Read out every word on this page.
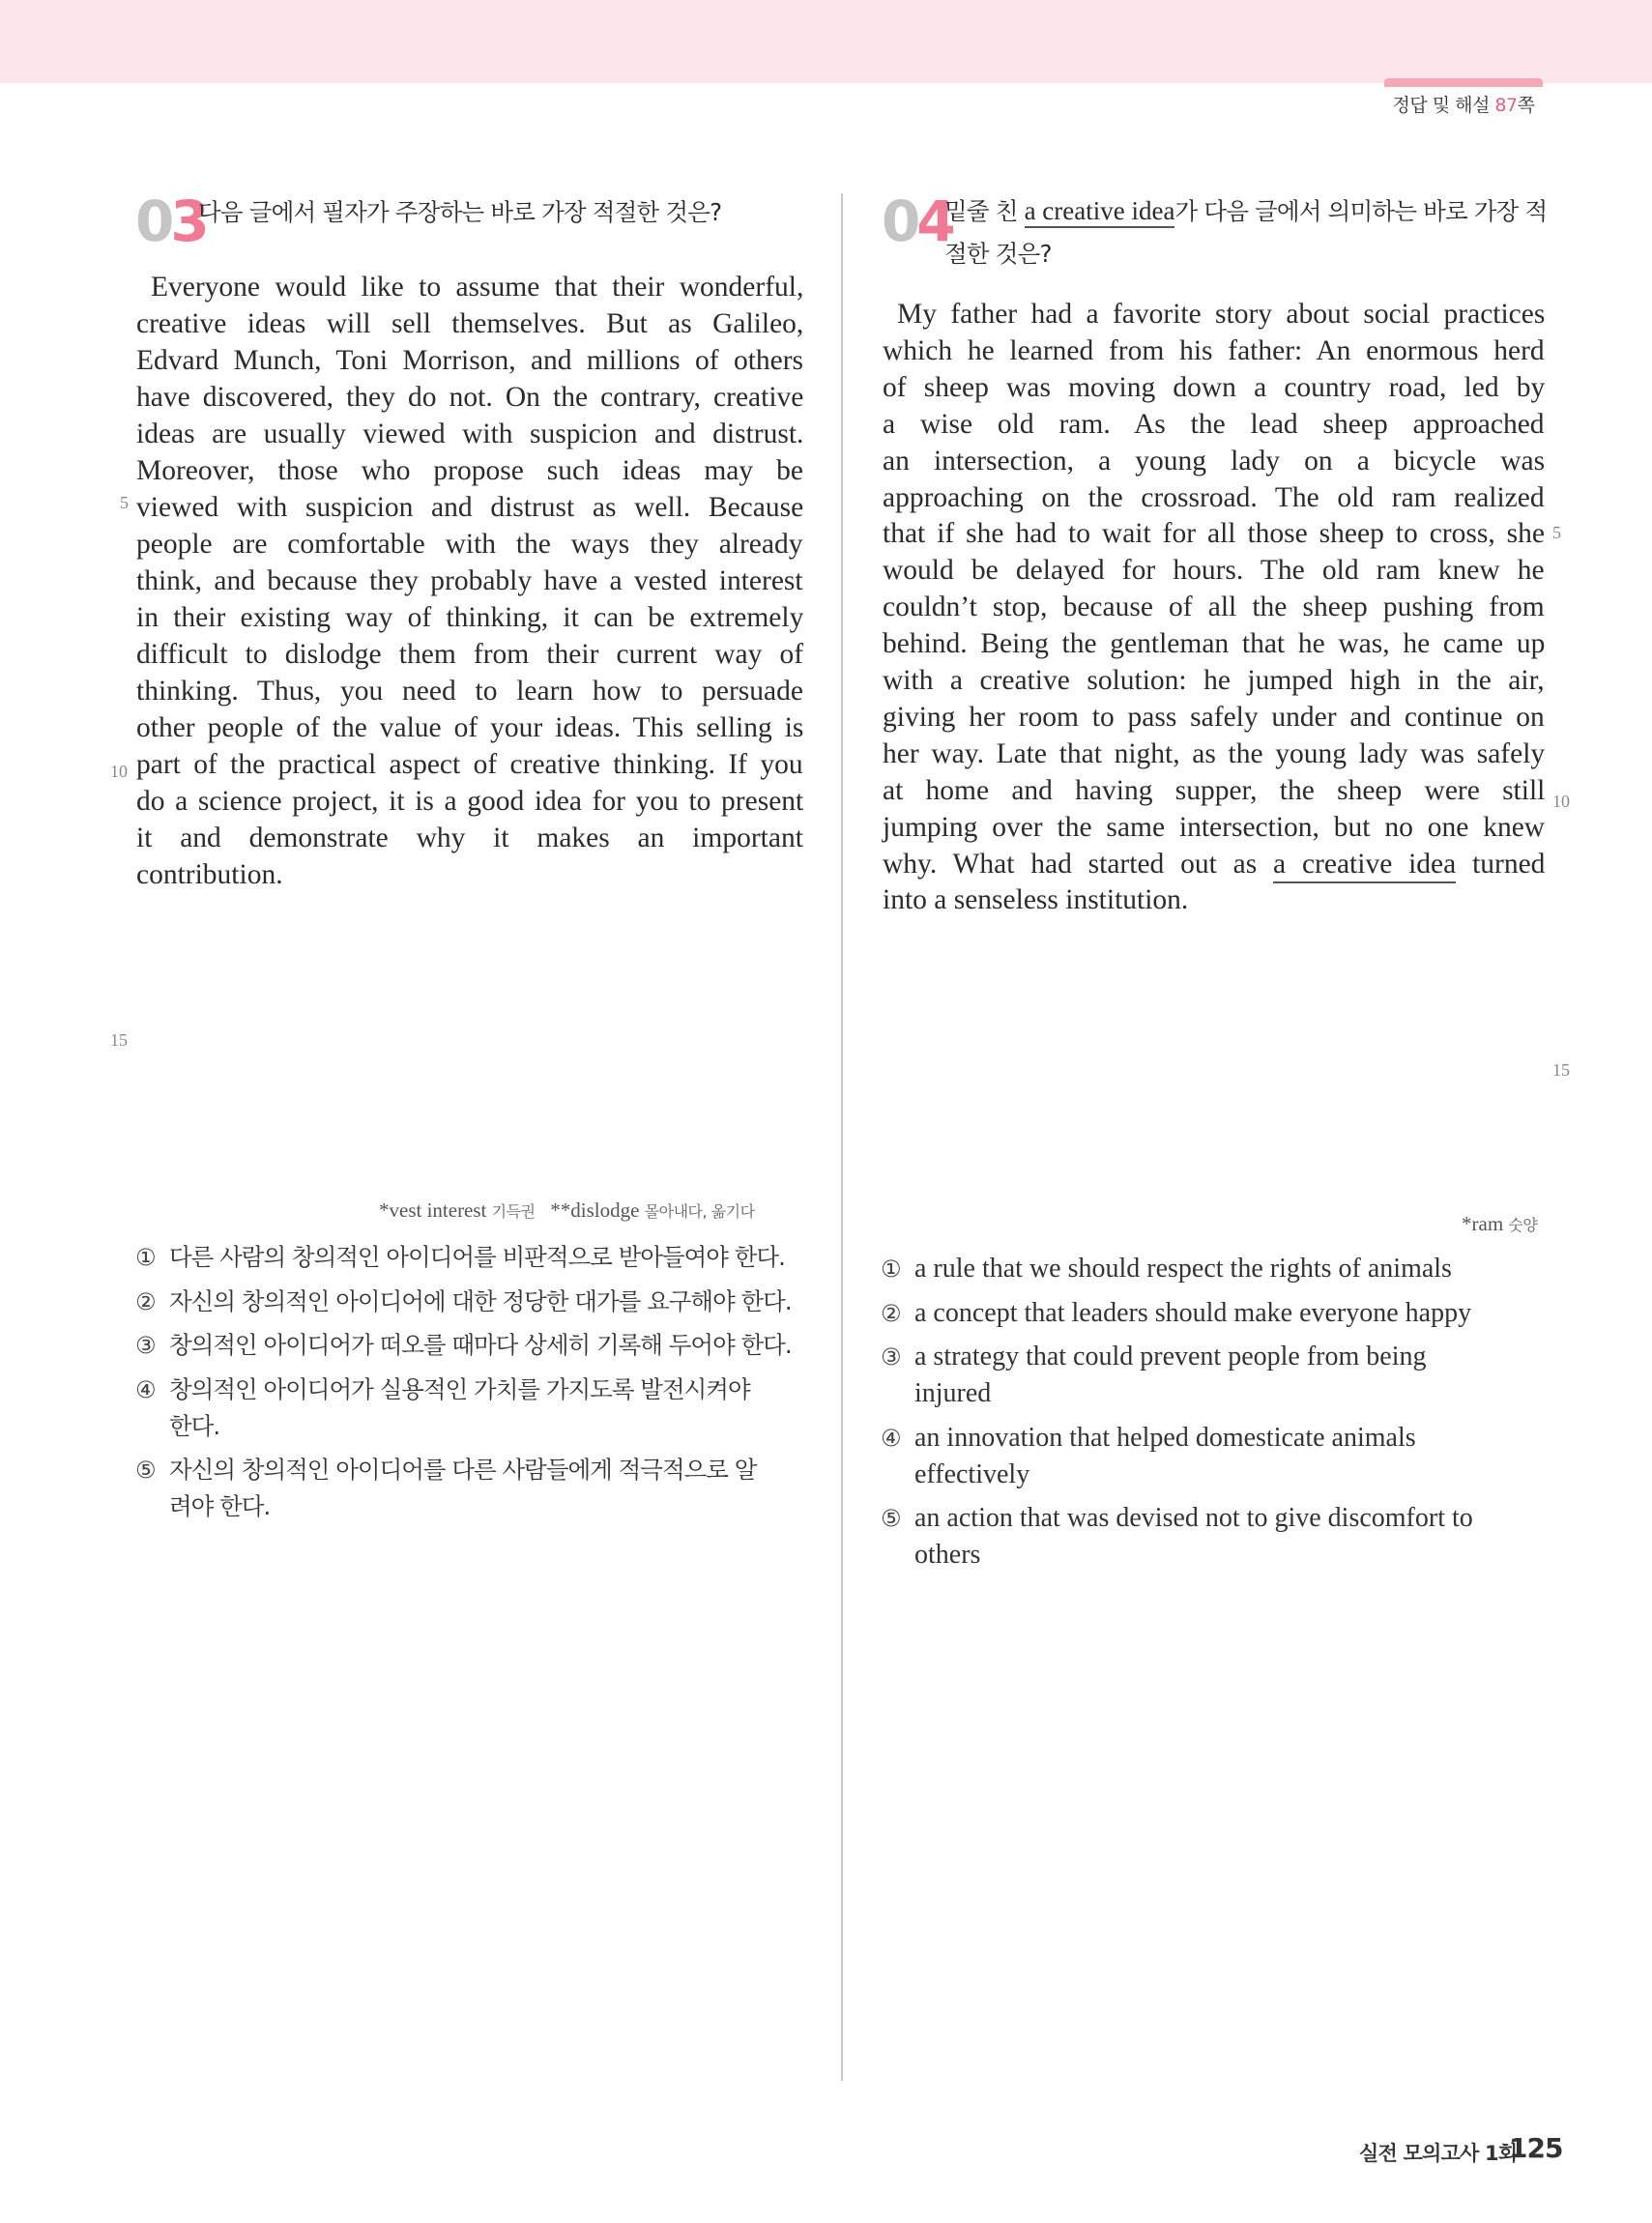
정답 및 해설 87쪽
03
다음 글에서 필자가 주장하는 바로 가장 적절한 것은?
Everyone would like to assume that their wonderful,
creative ideas will sell themselves. But as Galileo,
Edvard Munch, Toni Morrison, and millions of others
have discovered, they do not. On the contrary, creative
ideas are usually viewed with suspicion and distrust.
Moreover, those who propose such ideas may be
viewed with suspicion and distrust as well. Because
people are comfortable with the ways they already
think, and because they probably have a vested interest
in their existing way of thinking, it can be extremely
difficult to dislodge them from their current way of
thinking. Thus, you need to learn how to persuade
other people of the value of your ideas. This selling is
part of the practical aspect of creative thinking. If you
do a science project, it is a good idea for you to present
it and demonstrate why it makes an important
contribution.
5
10
15
*vest interest 기득권 **dislodge 몰아내다, 옮기다
① 다른 사람의 창의적인 아이디어를 비판적으로 받아들여야 한다.
② 자신의 창의적인 아이디어에 대한 정당한 대가를 요구해야 한다.
③ 창의적인 아이디어가 떠오를 때마다 상세히 기록해 두어야 한다.
④ 창의적인 아이디어가 실용적인 가치를 가지도록 발전시켜야
한다.
⑤ 자신의 창의적인 아이디어를 다른 사람들에게 적극적으로 알
려야 한다.
04
밑줄 친 a creative idea가 다음 글에서 의미하는 바로 가장 적
절한 것은?
My father had a favorite story about social practices
which he learned from his father: An enormous herd
of sheep was moving down a country road, led by
a wise old ram. As the lead sheep approached
an intersection, a young lady on a bicycle was
approaching on the crossroad. The old ram realized
that if she had to wait for all those sheep to cross, she
would be delayed for hours. The old ram knew he
couldn’t stop, because of all the sheep pushing from
behind. Being the gentleman that he was, he came up
with a creative solution: he jumped high in the air,
giving her room to pass safely under and continue on
her way. Late that night, as the young lady was safely
at home and having supper, the sheep were still
jumping over the same intersection, but no one knew
why. What had started out as a creative idea turned
into a senseless institution.
5
10
15
*ram 숫양
① a rule that we should respect the rights of animals
② a concept that leaders should make everyone happy
③ a strategy that could prevent people from being
injured
④ an innovation that helped domesticate animals
effectively
⑤ an action that was devised not to give discomfort to
others
실전 모의고사 1회
125
